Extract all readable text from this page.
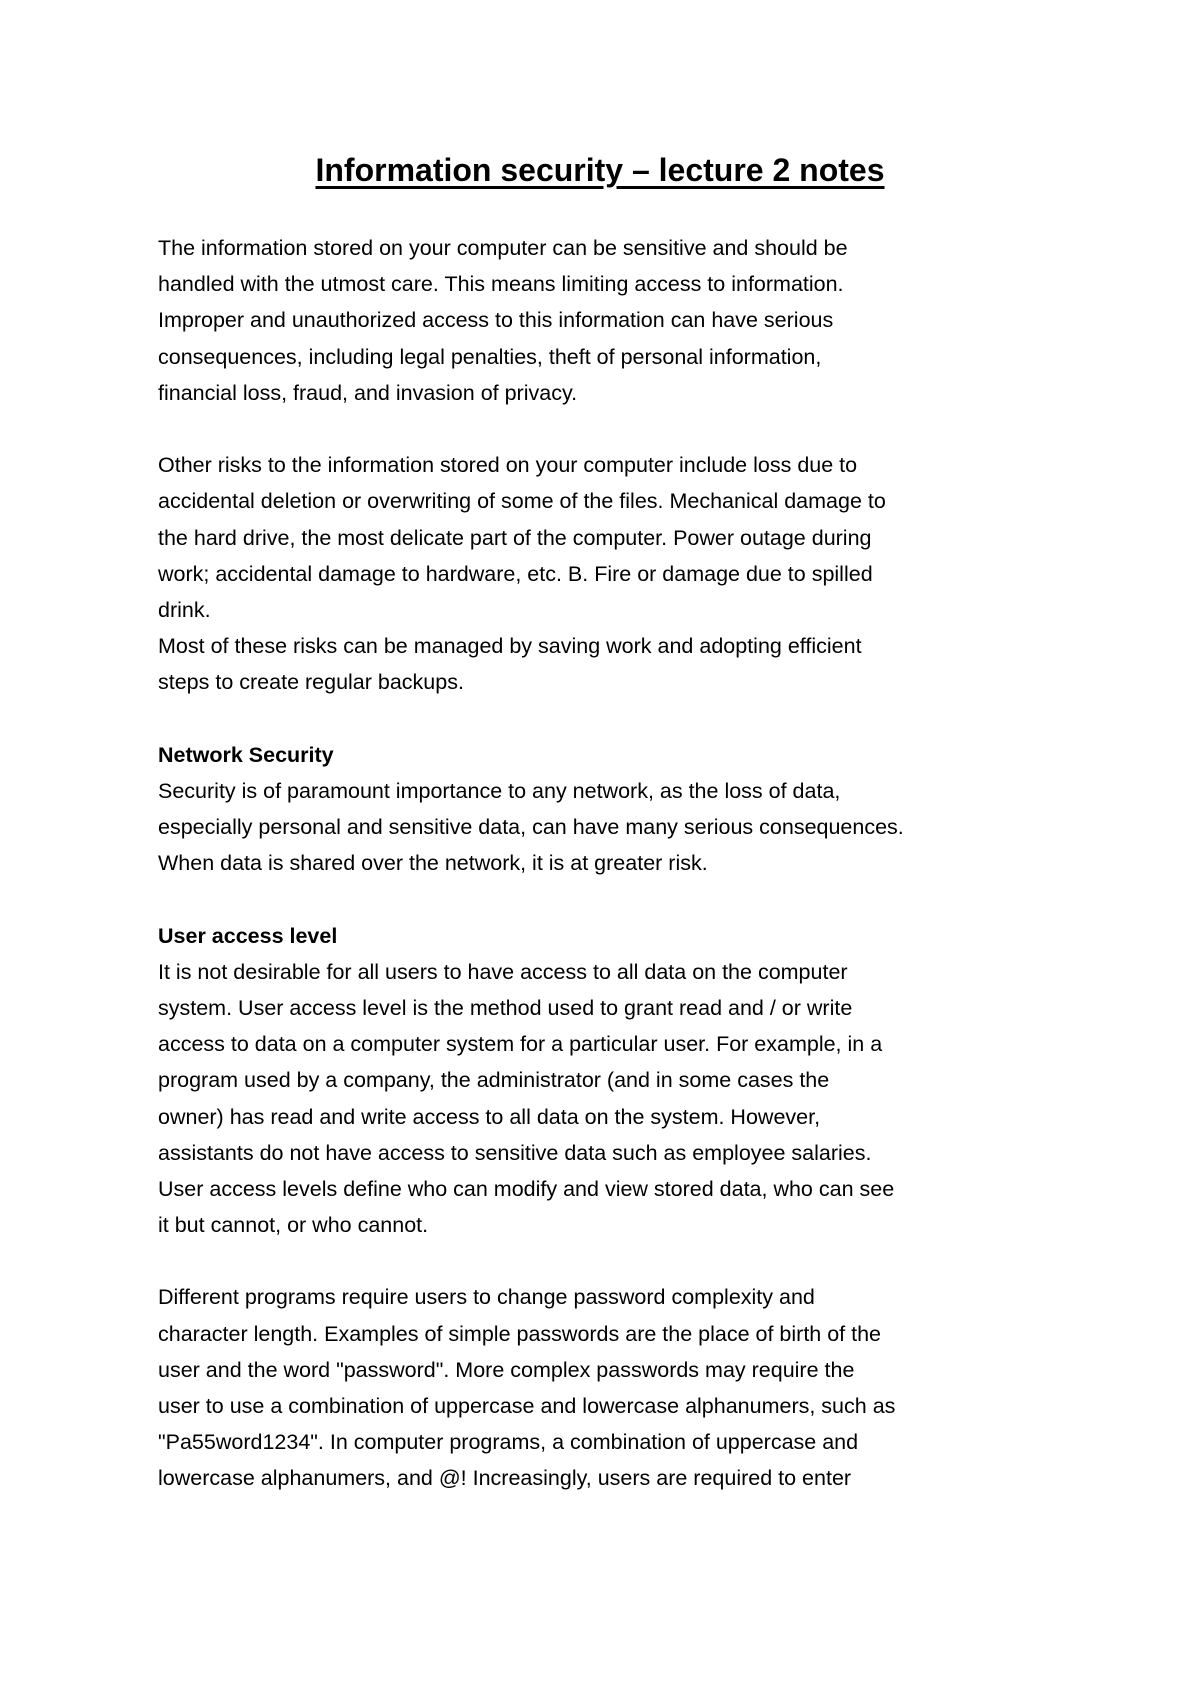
Information security – lecture 2 notes
The information stored on your computer can be sensitive and should be
handled with the utmost care. This means limiting access to information.
Improper and unauthorized access to this information can have serious
consequences, including legal penalties, theft of personal information,
financial loss, fraud, and invasion of privacy.
Other risks to the information stored on your computer include loss due to
accidental deletion or overwriting of some of the files. Mechanical damage to
the hard drive, the most delicate part of the computer. Power outage during
work; accidental damage to hardware, etc. B. Fire or damage due to spilled
drink.
Most of these risks can be managed by saving work and adopting efficient
steps to create regular backups.
Network Security
Security is of paramount importance to any network, as the loss of data,
especially personal and sensitive data, can have many serious consequences.
When data is shared over the network, it is at greater risk.
User access level
It is not desirable for all users to have access to all data on the computer
system. User access level is the method used to grant read and / or write
access to data on a computer system for a particular user. For example, in a
program used by a company, the administrator (and in some cases the
owner) has read and write access to all data on the system. However,
assistants do not have access to sensitive data such as employee salaries.
User access levels define who can modify and view stored data, who can see
it but cannot, or who cannot.
Different programs require users to change password complexity and
character length. Examples of simple passwords are the place of birth of the
user and the word "password". More complex passwords may require the
user to use a combination of uppercase and lowercase alphanumers, such as
"Pa55word1234". In computer programs, a combination of uppercase and
lowercase alphanumers, and @! Increasingly, users are required to enter
